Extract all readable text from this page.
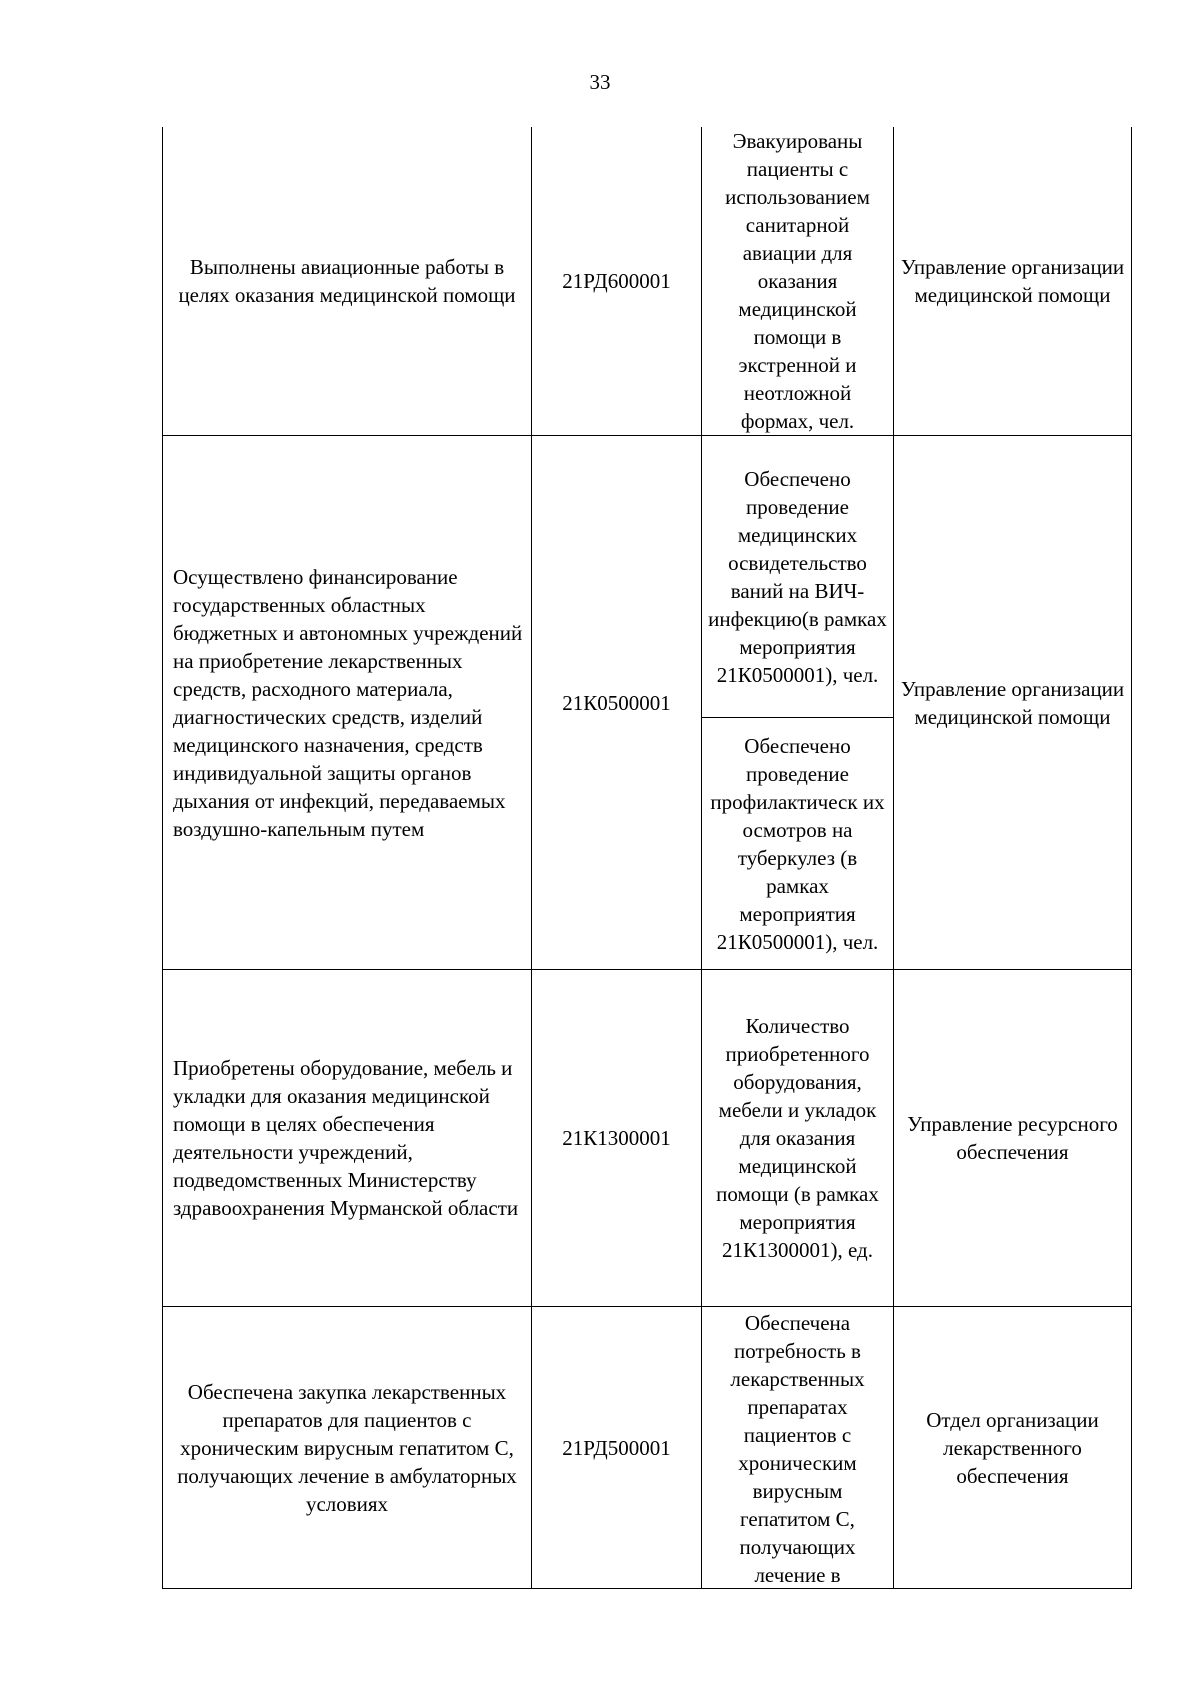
33
Выполнены авиационные работы в целях оказания медицинской помощи	21РД600001	Эвакуированы пациенты с использованием санитарной авиации для оказания медицинской помощи в экстренной и неотложной формах, чел.	Управление организации медицинской помощи
Осуществлено финансирование государственных областных бюджетных и автономных учреждений на приобретение лекарственных средств, расходного материала, диагностических средств, изделий медицинского назначения, средств индивидуальной защиты органов дыхания от инфекций, передаваемых воздушно-капельным путем	21К0500001	Обеспечено проведение медицинских освидетельство ваний на ВИЧ-инфекцию(в рамках мероприятия 21К0500001), чел.	Управление организации медицинской помощи
		Обеспечено проведение профилактическ их осмотров на туберкулез (в рамках мероприятия 21К0500001), чел.	
Приобретены оборудование, мебель и укладки для оказания медицинской помощи в целях обеспечения деятельности учреждений, подведомственных Министерству здравоохранения Мурманской области	21К1300001	Количество приобретенного оборудования, мебели и укладок для оказания медицинской помощи (в рамках мероприятия 21К1300001), ед.	Управление ресурсного обеспечения
Обеспечена закупка лекарственных препаратов для пациентов с хроническим вирусным гепатитом С, получающих лечение в амбулаторных условиях	21РД500001	Обеспечена потребность в лекарственных препаратах пациентов с хроническим вирусным гепатитом С, получающих лечение в	Отдел организации лекарственного обеспечения
